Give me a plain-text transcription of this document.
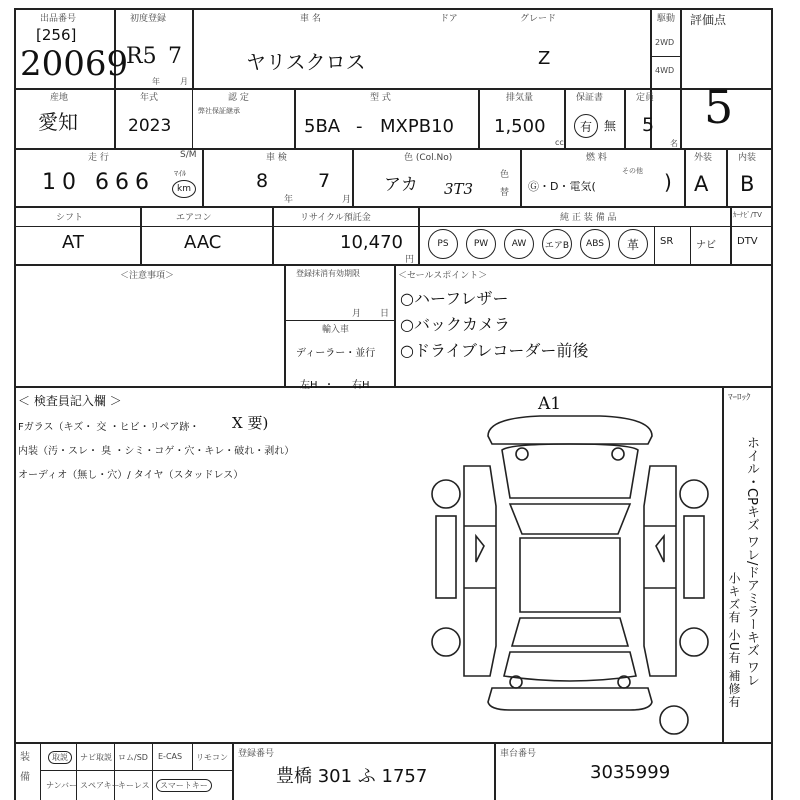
出品番号
[256]
20069
初度登録
R5 7
年	月
車 名	ドア	グレード
ヤリスクロス	Z
駆動
2WD
4WD
評価点
5
産地
愛知
年式
2023
認 定
弊社保証継承
型 式
5BA - MXPB10
排気量
1,500
cc
保証書
有	無
定員
5
名
走 行	S/M
10 666 ﾏｲﾙ
km
車 検
8
年
7
月
色 (Col.No)
アカ 3T3
色替
燃 料
Ⓖ・D・電気(
その他 )
外装
A
内装
B
シフト
AT
エアコン
AAC
リサイクル預託金
10,470
円
純 正 装 備 品	ｶｰﾅﾋﾞ/TV
PS	PW	AW	エアB	ABS	革	SR ナビ DTV
＜注意事項＞	登録抹消有効期限
月 日
輸入車
ディーラー・並行
左H ・ 右H
＜セールスポイント＞
○ハーフレザー
○バックカメラ
○ドライブレコーダー前後
＜ 検査員記入欄 ＞
Fガラス（キズ・ 交 ・ヒビ・リペア跡・ X 要)
内装（汚・スレ・ 臭 ・シミ・コゲ・穴・キレ・破れ・剥れ）
オーディオ（無し・穴）/ タイヤ（スタッドレス）
A1	ﾏｰﾛｯｸ
ホイル・CPキズ ワレ/ドアミラーキズ ワレ
小キズ有 小U有 補修有
装備
取説	ナビ取説 ロム/SD E-CAS リモコン
ナンバー スペアキー
キーレス	スマートキー
登録番号
豊橋 301 ふ 1757
車台番号
3035999
